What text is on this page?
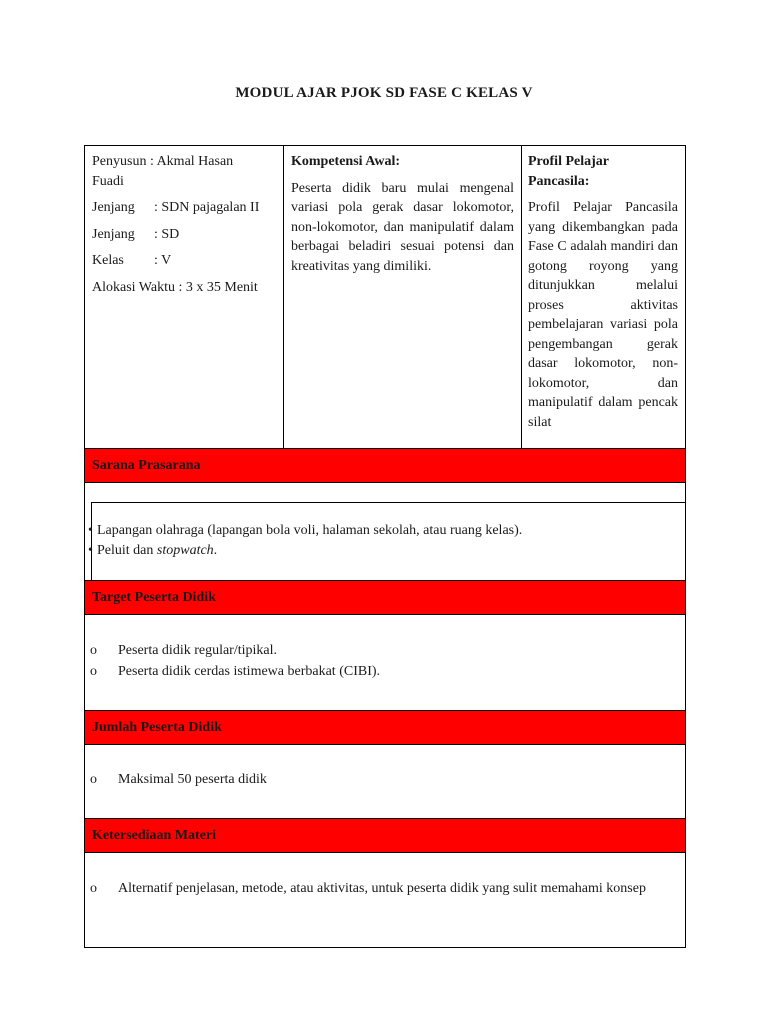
MODUL AJAR PJOK SD FASE C KELAS V
Penyusun : Akmal Hasan
Fuadi
Jenjang : SDN pajagalan II
Jenjang : SD
Kelas : V
Alokasi Waktu : 3 x 35 Menit
Kompetensi Awal:
Peserta didik baru mulai mengenal variasi pola gerak dasar lokomotor, non-lokomotor, dan manipulatif dalam berbagai beladiri sesuai potensi dan kreativitas yang dimiliki.
Profil Pelajar
Pancasila:
Profil Pelajar Pancasila yang dikembangkan pada Fase C adalah mandiri dan gotong royong yang ditunjukkan melalui proses aktivitas pembelajaran variasi pola pengembangan gerak dasar lokomotor, non-lokomotor, dan manipulatif dalam pencak silat
Sarana Prasarana
• Lapangan olahraga (lapangan bola voli, halaman sekolah, atau ruang kelas).
• Peluit dan stopwatch.
Target Peserta Didik
o Peserta didik regular/tipikal.
o Peserta didik cerdas istimewa berbakat (CIBI).
Jumlah Peserta Didik
o Maksimal 50 peserta didik
Ketersediaan Materi
o Alternatif penjelasan, metode, atau aktivitas, untuk peserta didik yang sulit memahami konsep
